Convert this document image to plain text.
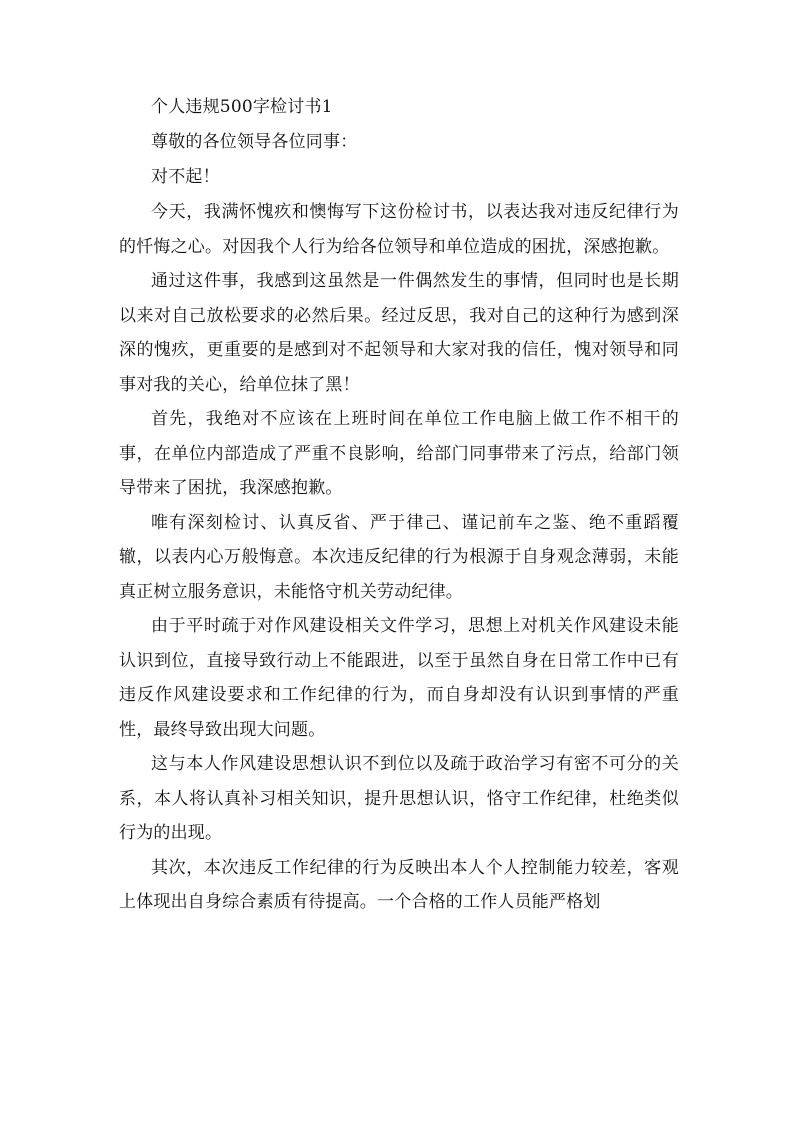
个人违规500字检讨书1

尊敬的各位领导各位同事：

对不起！

今天，我满怀愧疚和懊悔写下这份检讨书，以表达我对违反纪律行为的忏悔之心。对因我个人行为给各位领导和单位造成的困扰，深感抱歉。

通过这件事，我感到这虽然是一件偶然发生的事情，但同时也是长期以来对自己放松要求的必然后果。经过反思，我对自己的这种行为感到深深的愧疚，更重要的是感到对不起领导和大家对我的信任，愧对领导和同事对我的关心，给单位抹了黑！

首先，我绝对不应该在上班时间在单位工作电脑上做工作不相干的事，在单位内部造成了严重不良影响，给部门同事带来了污点，给部门领导带来了困扰，我深感抱歉。

唯有深刻检讨、认真反省、严于律己、谨记前车之鉴、绝不重蹈覆辙，以表内心万般悔意。本次违反纪律的行为根源于自身观念薄弱，未能真正树立服务意识，未能恪守机关劳动纪律。

由于平时疏于对作风建设相关文件学习，思想上对机关作风建设未能认识到位，直接导致行动上不能跟进，以至于虽然自身在日常工作中已有违反作风建设要求和工作纪律的行为，而自身却没有认识到事情的严重性，最终导致出现大问题。

这与本人作风建设思想认识不到位以及疏于政治学习有密不可分的关系，本人将认真补习相关知识，提升思想认识，恪守工作纪律，杜绝类似行为的出现。

其次，本次违反工作纪律的行为反映出本人个人控制能力较差，客观上体现出自身综合素质有待提高。一个合格的工作人员能严格划
